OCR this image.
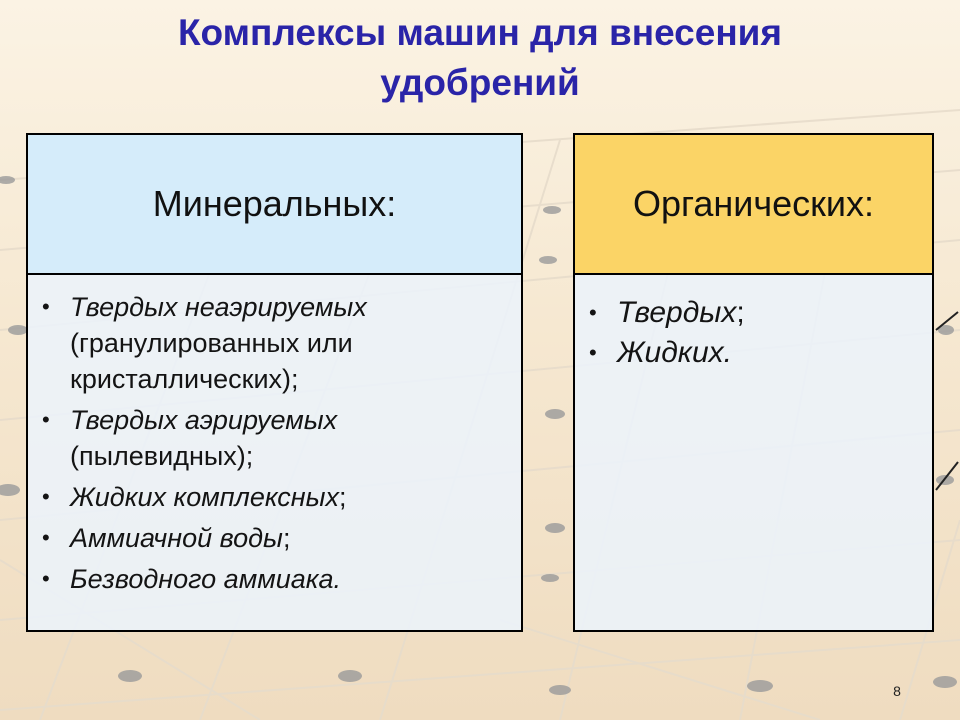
Комплексы машин для внесения удобрений
Минеральных:
• Твердых неаэрируемых (гранулированных или кристаллических);
• Твердых аэрируемых (пылевидных);
• Жидких комплексных;
• Аммиачной воды;
• Безводного аммиака.
Органических:
• Твердых;
• Жидких.
8
